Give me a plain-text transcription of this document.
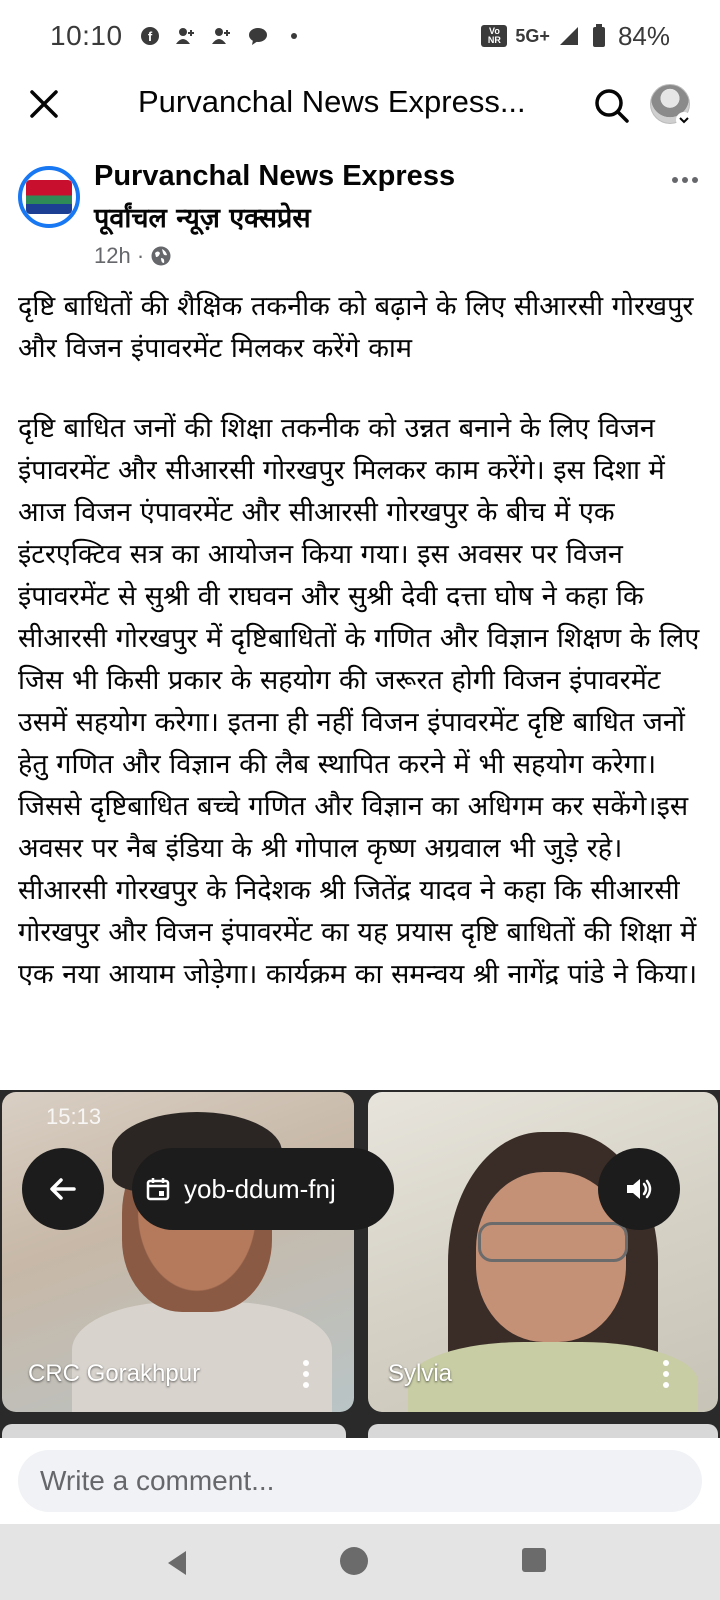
10:10 f	Vo NR 5G+	84%
Purvanchal News Express...
Purvanchal News Express
पूर्वांचल न्यूज़ एक्सप्रेस
12h ·
दृष्टि बाधितों की शैक्षिक तकनीक को बढ़ाने के लिए सीआरसी गोरखपुर और विजन इंपावरमेंट मिलकर करेंगे काम
दृष्टि बाधित जनों की शिक्षा तकनीक को उन्नत बनाने के लिए विजन इंपावरमेंट और सीआरसी गोरखपुर मिलकर काम करेंगे। इस दिशा में आज विजन एंपावरमेंट और सीआरसी गोरखपुर के बीच में एक इंटरएक्टिव सत्र का आयोजन किया गया। इस अवसर पर विजन इंपावरमेंट से सुश्री वी राघवन और सुश्री देवी दत्ता घोष ने कहा कि सीआरसी गोरखपुर में दृष्टिबाधितों के गणित और विज्ञान शिक्षण के लिए जिस भी किसी प्रकार के सहयोग की जरूरत होगी विजन इंपावरमेंट उसमें सहयोग करेगा। इतना ही नहीं विजन इंपावरमेंट दृष्टि बाधित जनों हेतु गणित और विज्ञान की लैब स्थापित करने में भी सहयोग करेगा। जिससे दृष्टिबाधित बच्चे गणित और विज्ञान का अधिगम कर सकेंगे।इस अवसर पर नैब इंडिया के श्री गोपाल कृष्ण अग्रवाल भी जुड़े रहे। सीआरसी गोरखपुर के निदेशक श्री जितेंद्र यादव ने कहा कि सीआरसी गोरखपुर और विजन इंपावरमेंट का यह प्रयास दृष्टि बाधितों की शिक्षा में एक नया आयाम जोड़ेगा। कार्यक्रम का समन्वय श्री नागेंद्र पांडे ने किया।
CRC Gorakhpur	Sylvia
15:13
yob-ddum-fnj
Write a comment...
